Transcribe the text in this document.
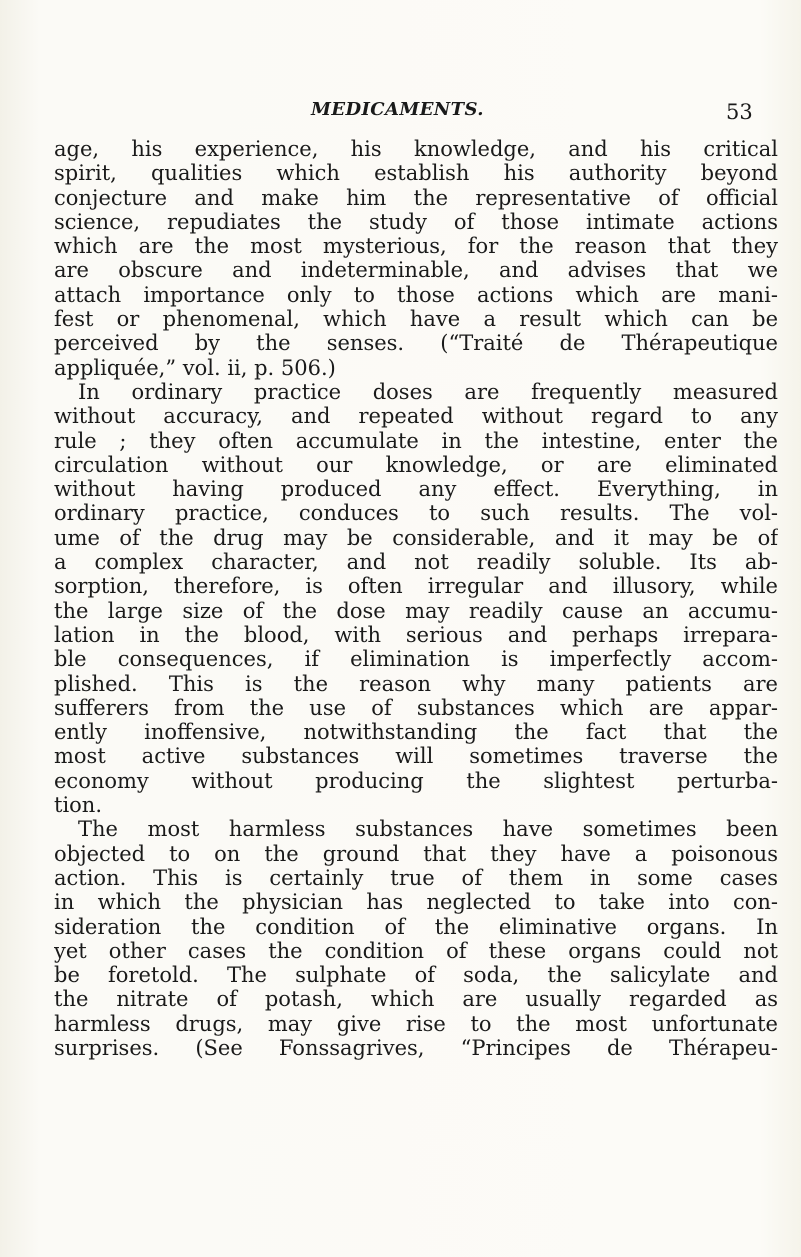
MEDICAMENTS.	53
age, his experience, his knowledge, and his critical
spirit, qualities which establish his authority beyond
conjecture and make him the representative of official
science, repudiates the study of those intimate actions
which are the most mysterious, for the reason that they
are obscure and indeterminable, and advises that we
attach importance only to those actions which are mani-
fest or phenomenal, which have a result which can be
perceived by the senses. (“Traité de Thérapeutique
appliquée,” vol. ii, p. 506.)
In ordinary practice doses are frequently measured
without accuracy, and repeated without regard to any
rule ; they often accumulate in the intestine, enter the
circulation without our knowledge, or are eliminated
without having produced any effect. Everything, in
ordinary practice, conduces to such results. The vol-
ume of the drug may be considerable, and it may be of
a complex character, and not readily soluble. Its ab-
sorption, therefore, is often irregular and illusory, while
the large size of the dose may readily cause an accumu-
lation in the blood, with serious and perhaps irrepara-
ble consequences, if elimination is imperfectly accom-
plished. This is the reason why many patients are
sufferers from the use of substances which are appar-
ently inoffensive, notwithstanding the fact that the
most active substances will sometimes traverse the
economy without producing the slightest perturba-
tion.
The most harmless substances have sometimes been
objected to on the ground that they have a poisonous
action. This is certainly true of them in some cases
in which the physician has neglected to take into con-
sideration the condition of the eliminative organs. In
yet other cases the condition of these organs could not
be foretold. The sulphate of soda, the salicylate and
the nitrate of potash, which are usually regarded as
harmless drugs, may give rise to the most unfortunate
surprises. (See Fonssagrives, “Principes de Thérapeu-
